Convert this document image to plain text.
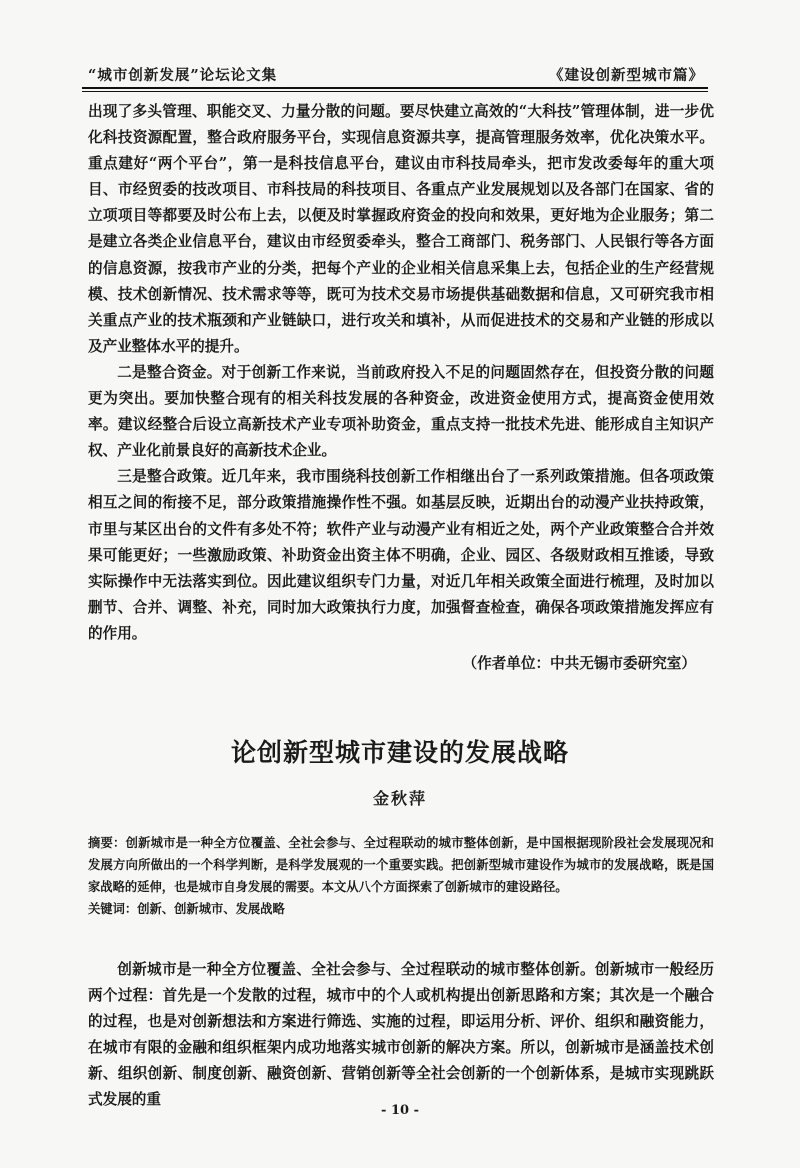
“城市创新发展”论坛论文集	《建设创新型城市篇》

出现了多头管理、职能交叉、力量分散的问题。要尽快建立高效的“大科技”管理体制，进一步优化科技资源配置，整合政府服务平台，实现信息资源共享，提高管理服务效率，优化决策水平。重点建好“两个平台”，第一是科技信息平台，建议由市科技局牵头，把市发改委每年的重大项目、市经贸委的技改项目、市科技局的科技项目、各重点产业发展规划以及各部门在国家、省的立项项目等都要及时公布上去，以便及时掌握政府资金的投向和效果，更好地为企业服务；第二是建立各类企业信息平台，建议由市经贸委牵头，整合工商部门、税务部门、人民银行等各方面的信息资源，按我市产业的分类，把每个产业的企业相关信息采集上去，包括企业的生产经营规模、技术创新情况、技术需求等等，既可为技术交易市场提供基础数据和信息，又可研究我市相关重点产业的技术瓶颈和产业链缺口，进行攻关和填补，从而促进技术的交易和产业链的形成以及产业整体水平的提升。

二是整合资金。对于创新工作来说，当前政府投入不足的问题固然存在，但投资分散的问题更为突出。要加快整合现有的相关科技发展的各种资金，改进资金使用方式，提高资金使用效率。建议经整合后设立高新技术产业专项补助资金，重点支持一批技术先进、能形成自主知识产权、产业化前景良好的高新技术企业。

三是整合政策。近几年来，我市围绕科技创新工作相继出台了一系列政策措施。但各项政策相互之间的衔接不足，部分政策措施操作性不强。如基层反映，近期出台的动漫产业扶持政策，市里与某区出台的文件有多处不符；软件产业与动漫产业有相近之处，两个产业政策整合合并效果可能更好；一些激励政策、补助资金出资主体不明确，企业、园区、各级财政相互推诿，导致实际操作中无法落实到位。因此建议组织专门力量，对近几年相关政策全面进行梳理，及时加以删节、合并、调整、补充，同时加大政策执行力度，加强督查检查，确保各项政策措施发挥应有的作用。

（作者单位：中共无锡市委研究室）
论创新型城市建设的发展战略
金秋萍

摘要：创新城市是一种全方位覆盖、全社会参与、全过程联动的城市整体创新，是中国根据现阶段社会发展现况和发展方向所做出的一个科学判断，是科学发展观的一个重要实践。把创新型城市建设作为城市的发展战略，既是国家战略的延伸，也是城市自身发展的需要。本文从八个方面探索了创新城市的建设路径。

关键词：创新、创新城市、发展战略

创新城市是一种全方位覆盖、全社会参与、全过程联动的城市整体创新。创新城市一般经历两个过程：首先是一个发散的过程，城市中的个人或机构提出创新思路和方案；其次是一个融合的过程，也是对创新想法和方案进行筛选、实施的过程，即运用分析、评价、组织和融资能力，在城市有限的金融和组织框架内成功地落实城市创新的解决方案。所以，创新城市是涵盖技术创新、组织创新、制度创新、融资创新、营销创新等全社会创新的一个创新体系，是城市实现跳跃式发展的重

- 10 -
